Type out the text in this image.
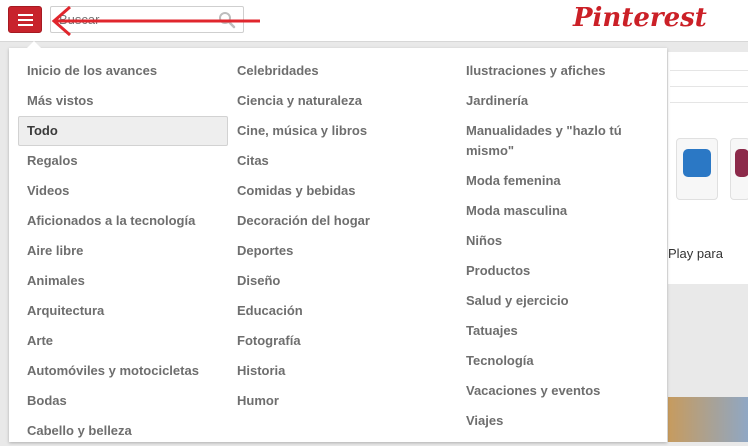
Buscar
Pinterest
Play para
Inicio de los avances
Más vistos
Todo
Regalos
Videos
Aficionados a la tecnología
Aire libre
Animales
Arquitectura
Arte
Automóviles y motocicletas
Bodas
Cabello y belleza
Celebridades
Ciencia y naturaleza
Cine, música y libros
Citas
Comidas y bebidas
Decoración del hogar
Deportes
Diseño
Educación
Fotografía
Historia
Humor
Ilustraciones y afiches
Jardinería
Manualidades y "hazlo tú mismo"
Moda femenina
Moda masculina
Niños
Productos
Salud y ejercicio
Tatuajes
Tecnología
Vacaciones y eventos
Viajes
